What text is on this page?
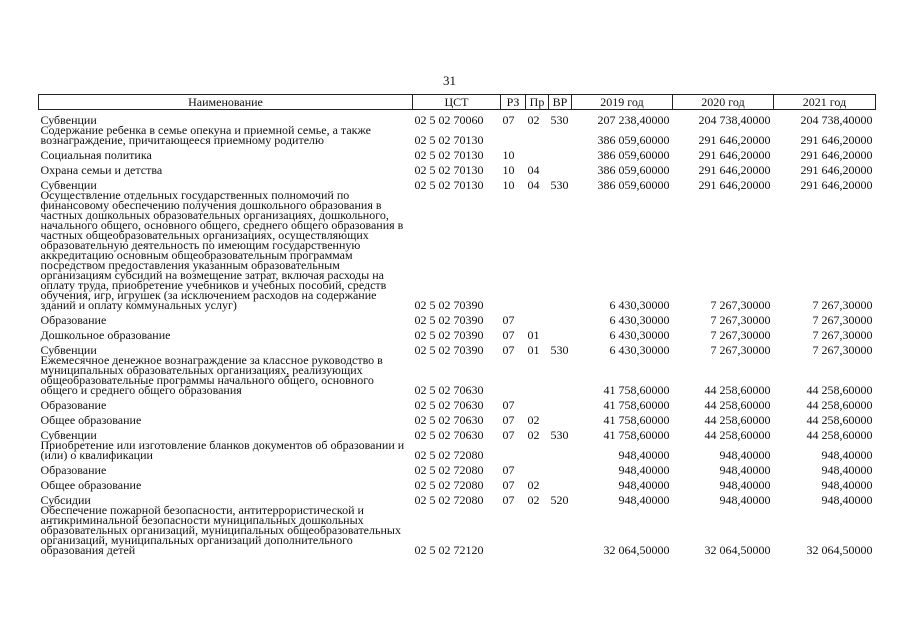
31
Наименование	ЦСТ	РЗ	Пр	ВР	2019 год	2020 год	2021 год

Субвенции	02 5 02 70060	07	02	530	207 238,40000	204 738,40000	204 738,40000

Содержание ребенка в семье опекуна и приемной семье, а также вознаграждение, причитающееся приемному родителю	02 5 02 70130				386 059,60000	291 646,20000	291 646,20000

Социальная политика	02 5 02 70130	10			386 059,60000	291 646,20000	291 646,20000

Охрана семьи и детства	02 5 02 70130	10	04		386 059,60000	291 646,20000	291 646,20000

Субвенции	02 5 02 70130	10	04	530	386 059,60000	291 646,20000	291 646,20000

Осуществление отдельных государственных полномочий по финансовому обеспечению получения дошкольного образования в частных дошкольных образовательных организациях, дошкольного, начального общего, основного общего, среднего общего образования в частных общеобразовательных организациях, осуществляющих образовательную деятельность по имеющим государственную аккредитацию основным общеобразовательным программам посредством предоставления указанным образовательным организациям субсидий на возмещение затрат, включая расходы на оплату труда, приобретение учебников и учебных пособий, средств обучения, игр, игрушек (за исключением расходов на содержание зданий и оплату коммунальных услуг)	02 5 02 70390				6 430,30000	7 267,30000	7 267,30000

Образование	02 5 02 70390	07			6 430,30000	7 267,30000	7 267,30000

Дошкольное образование	02 5 02 70390	07	01		6 430,30000	7 267,30000	7 267,30000

Субвенции	02 5 02 70390	07	01	530	6 430,30000	7 267,30000	7 267,30000

Ежемесячное денежное вознаграждение за классное руководство в муниципальных образовательных организациях, реализующих общеобразовательные программы начального общего, основного общего и среднего общего образования	02 5 02 70630				41 758,60000	44 258,60000	44 258,60000

Образование	02 5 02 70630	07			41 758,60000	44 258,60000	44 258,60000

Общее образование	02 5 02 70630	07	02		41 758,60000	44 258,60000	44 258,60000

Субвенции	02 5 02 70630	07	02	530	41 758,60000	44 258,60000	44 258,60000

Приобретение или изготовление бланков документов об образовании и (или) о квалификации	02 5 02 72080				948,40000	948,40000	948,40000

Образование	02 5 02 72080	07			948,40000	948,40000	948,40000

Общее образование	02 5 02 72080	07	02		948,40000	948,40000	948,40000

Субсидии	02 5 02 72080	07	02	520	948,40000	948,40000	948,40000

Обеспечение пожарной безопасности, антитеррористической и антикриминальной безопасности муниципальных дошкольных образовательных организаций, муниципальных общеобразовательных организаций, муниципальных организаций дополнительного образования детей	02 5 02 72120				32 064,50000	32 064,50000	32 064,50000
